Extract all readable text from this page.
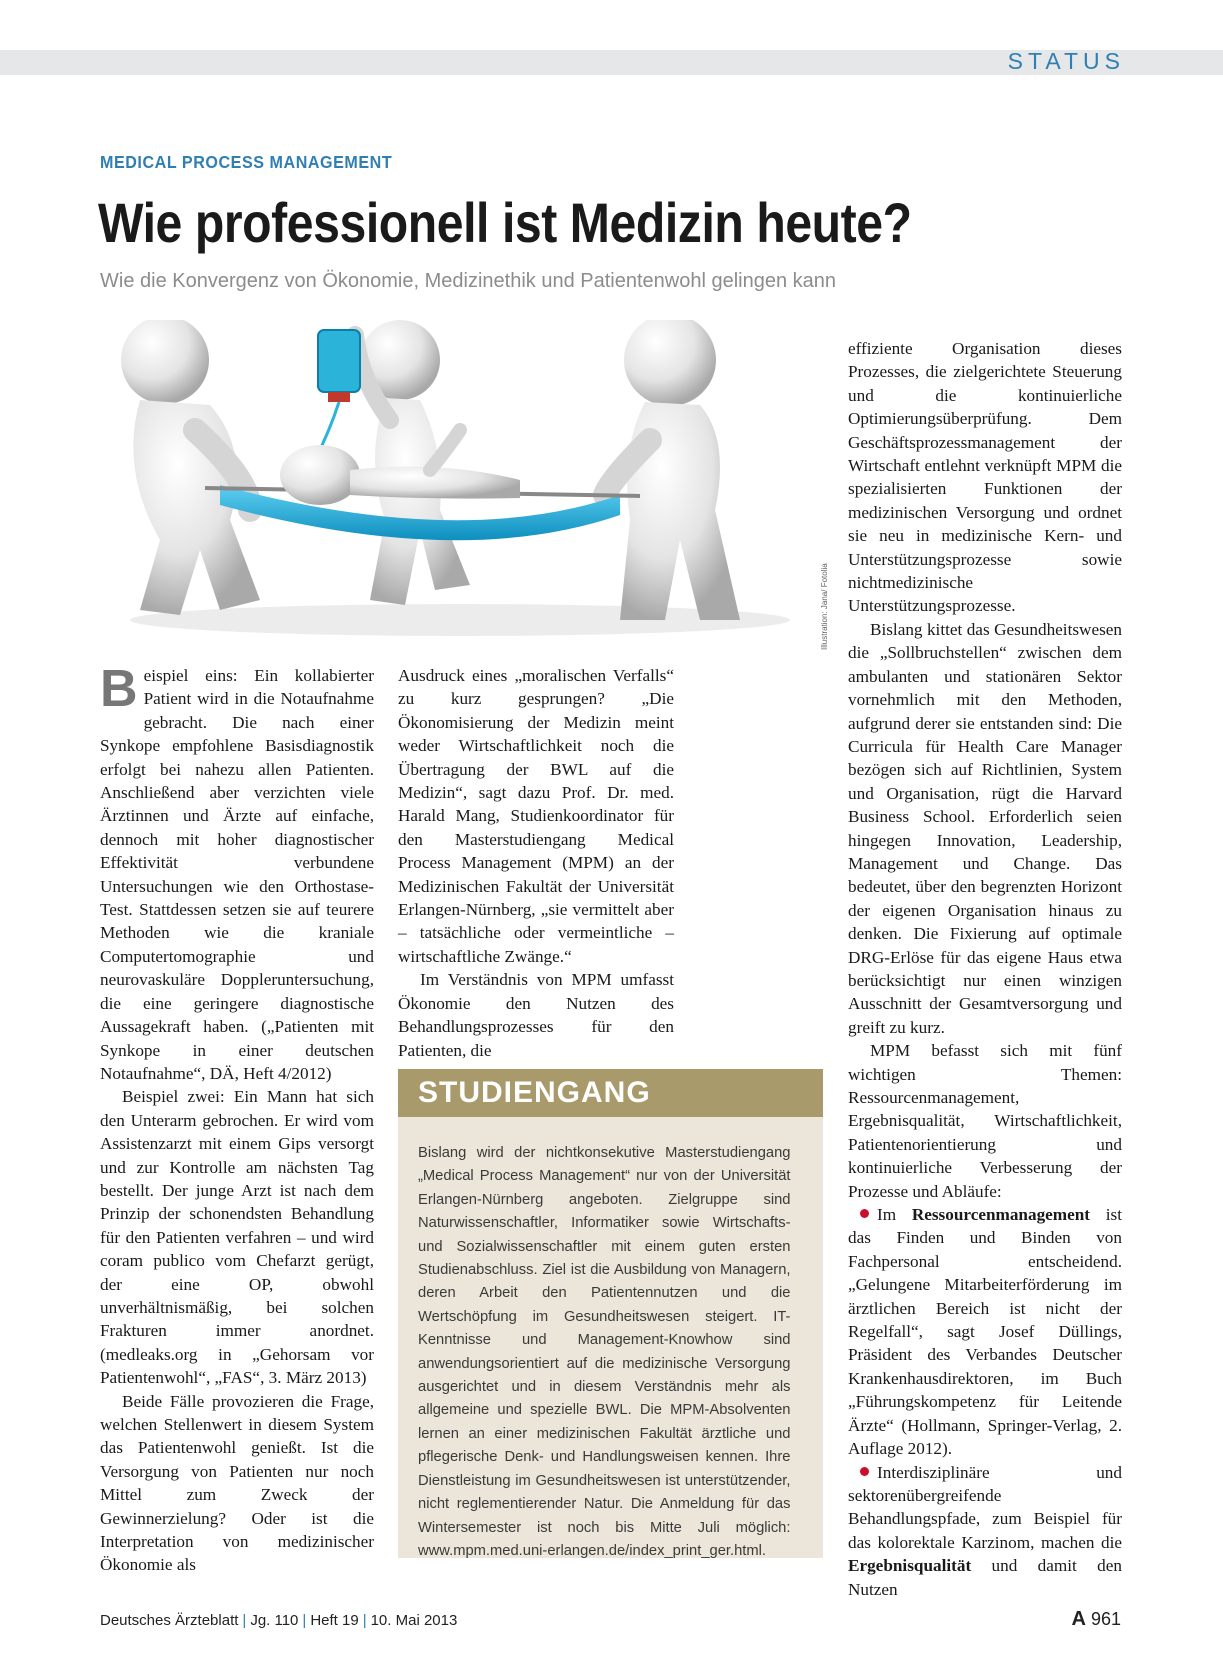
STATUS
MEDICAL PROCESS MANAGEMENT
Wie professionell ist Medizin heute?
Wie die Konvergenz von Ökonomie, Medizinethik und Patientenwohl gelingen kann
Illustration: Jana/ Fotolia

Beispiel eins: Ein kollabierter Patient wird in die Notaufnahme gebracht. Die nach einer Synkope empfohlene Basisdiagnostik erfolgt bei nahezu allen Patienten. Anschließend aber verzichten viele Ärztinnen und Ärzte auf einfache, dennoch mit hoher diagnostischer Effektivität verbundene Untersuchungen wie den Orthostase-Test. Stattdessen setzen sie auf teurere Methoden wie die kraniale Computertomographie und neurovaskuläre Doppleruntersuchung, die eine geringere diagnostische Aussagekraft haben. („Patienten mit Synkope in einer deutschen Notaufnahme“, DÄ, Heft 4/2012)

Beispiel zwei: Ein Mann hat sich den Unterarm gebrochen. Er wird vom Assistenzarzt mit einem Gips versorgt und zur Kontrolle am nächsten Tag bestellt. Der junge Arzt ist nach dem Prinzip der schonendsten Behandlung für den Patienten verfahren – und wird coram publico vom Chefarzt gerügt, der eine OP, obwohl unverhältnismäßig, bei solchen Frakturen immer anordnet. (medleaks.org in „Gehorsam vor Patientenwohl“, „FAS“, 3. März 2013)

Beide Fälle provozieren die Frage, welchen Stellenwert in diesem System das Patientenwohl genießt. Ist die Versorgung von Patienten nur noch Mittel zum Zweck der Gewinnerzielung? Oder ist die Interpretation von medizinischer Ökonomie als

Ausdruck eines „moralischen Verfalls“ zu kurz gesprungen? „Die Ökonomisierung der Medizin meint weder Wirtschaftlichkeit noch die Übertragung der BWL auf die Medizin“, sagt dazu Prof. Dr. med. Harald Mang, Studienkoordinator für den Masterstudiengang Medical Process Management (MPM) an der Medizinischen Fakultät der Universität Erlangen-Nürnberg, „sie vermittelt aber – tatsächliche oder vermeintliche – wirtschaftliche Zwänge.“

Im Verständnis von MPM umfasst Ökonomie den Nutzen des Behandlungsprozesses für den Patienten, die

STUDIENGANG
Bislang wird der nichtkonsekutive Masterstudiengang „Medical Process Management“ nur von der Universität Erlangen-Nürnberg angeboten. Zielgruppe sind Naturwissenschaftler, Informatiker sowie Wirtschafts- und Sozialwissenschaftler mit einem guten ersten Studienabschluss. Ziel ist die Ausbildung von Managern, deren Arbeit den Patientennutzen und die Wertschöpfung im Gesundheitswesen steigert. IT-Kenntnisse und Management-Knowhow sind anwendungsorientiert auf die medizinische Versorgung ausgerichtet und in diesem Verständnis mehr als allgemeine und spezielle BWL. Die MPM-Absolventen lernen an einer medizinischen Fakultät ärztliche und pflegerische Denk- und Handlungsweisen kennen. Ihre Dienstleistung im Gesundheitswesen ist unterstützender, nicht reglementierender Natur. Die Anmeldung für das Wintersemester ist noch bis Mitte Juli möglich: www.mpm.med.uni-erlangen.de/index_print_ger.html.

effiziente Organisation dieses Prozesses, die zielgerichtete Steuerung und die kontinuierliche Optimierungsüberprüfung. Dem Geschäftsprozessmanagement der Wirtschaft entlehnt verknüpft MPM die spezialisierten Funktionen der medizinischen Versorgung und ordnet sie neu in medizinische Kern- und Unterstützungsprozesse sowie nichtmedizinische Unterstützungsprozesse.

Bislang kittet das Gesundheitswesen die „Sollbruchstellen“ zwischen dem ambulanten und stationären Sektor vornehmlich mit den Methoden, aufgrund derer sie entstanden sind: Die Curricula für Health Care Manager bezögen sich auf Richtlinien, System und Organisation, rügt die Harvard Business School. Erforderlich seien hingegen Innovation, Leadership, Management und Change. Das bedeutet, über den begrenzten Horizont der eigenen Organisation hinaus zu denken. Die Fixierung auf optimale DRG-Erlöse für das eigene Haus etwa berücksichtigt nur einen winzigen Ausschnitt der Gesamtversorgung und greift zu kurz.

MPM befasst sich mit fünf wichtigen Themen: Ressourcenmanagement, Ergebnisqualität, Wirtschaftlichkeit, Patientenorientierung und kontinuierliche Verbesserung der Prozesse und Abläufe:

Im Ressourcenmanagement ist das Finden und Binden von Fachpersonal entscheidend. „Gelungene Mitarbeiterförderung im ärztlichen Bereich ist nicht der Regelfall“, sagt Josef Düllings, Präsident des Verbandes Deutscher Krankenhausdirektoren, im Buch „Führungskompetenz für Leitende Ärzte“ (Hollmann, Springer-Verlag, 2. Auflage 2012).

Interdisziplinäre und sektorenübergreifende Behandlungspfade, zum Beispiel für das kolorektale Karzinom, machen die Ergebnisqualität und damit den Nutzen

Deutsches Ärzteblatt | Jg. 110 | Heft 19 | 10. Mai 2013	A 961
